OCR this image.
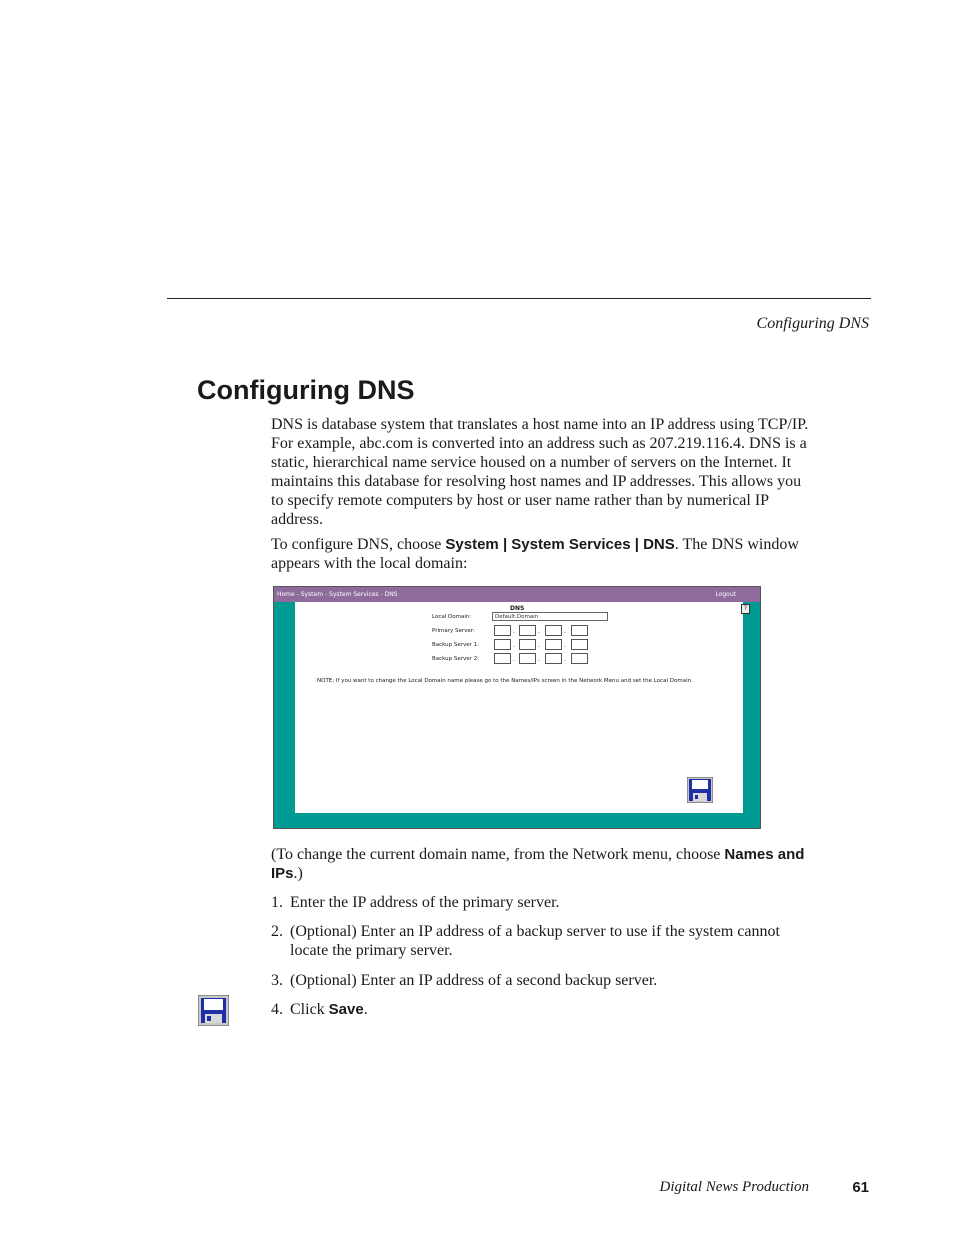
Configuring DNS
Configuring DNS
DNS is database system that translates a host name into an IP address using TCP/IP. For example, abc.com is converted into an address such as 207.219.116.4. DNS is a static, hierarchical name service housed on a number of servers on the Internet. It maintains this database for resolving host names and IP addresses. This allows you to specify remote computers by host or user name rather than by numerical IP address.
To configure DNS, choose System | System Services | DNS. The DNS window appears with the local domain:
Home - System - System Services - DNS	Logout
DNS	?
Local Domain:	Default.Domain
Primary Server:	.	.	.
Backup Server 1:	.	.	.
Backup Server 2:	.	.	.
NOTE: If you want to change the Local Domain name please go to the Names/IPs screen in the Network Menu and set the Local Domain.
(To change the current domain name, from the Network menu, choose Names and IPs.)
1. Enter the IP address of the primary server.
2. (Optional) Enter an IP address of a backup server to use if the system cannot locate the primary server.
3. (Optional) Enter an IP address of a second backup server.
4. Click Save.
Digital News Production	61
